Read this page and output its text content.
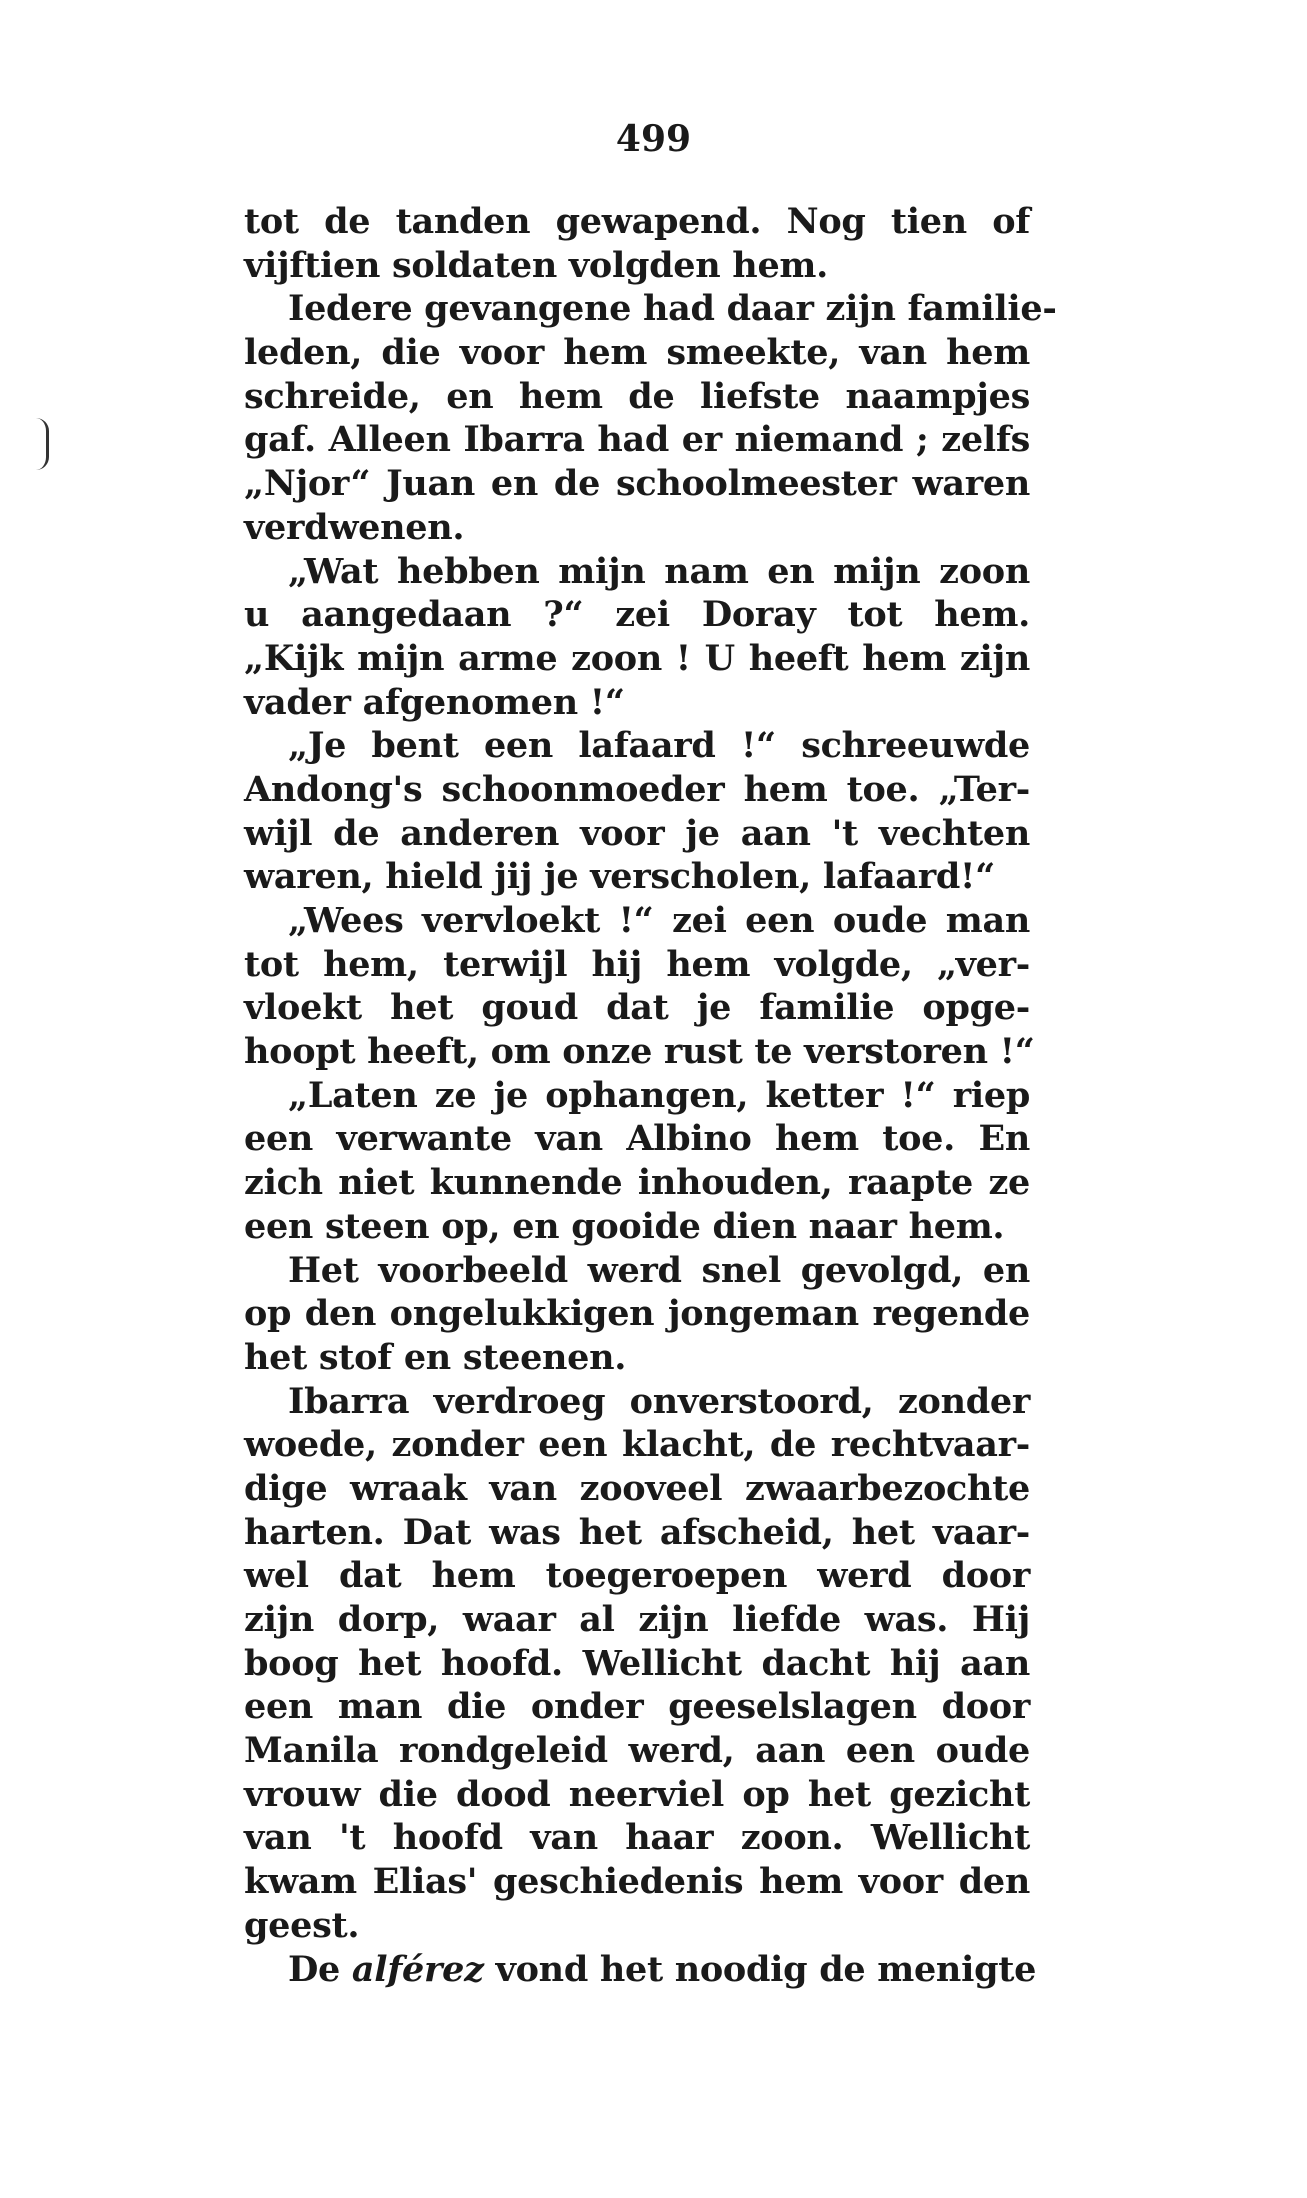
499
tot de tanden gewapend. Nog tien of
vijftien soldaten volgden hem.
Iedere gevangene had daar zijn familie-
leden, die voor hem smeekte, van hem
schreide, en hem de liefste naampjes
gaf. Alleen Ibarra had er niemand ; zelfs
„Njor“ Juan en de schoolmeester waren
verdwenen.
„Wat hebben mijn nam en mijn zoon
u aangedaan ?“ zei Doray tot hem.
„Kijk mijn arme zoon ! U heeft hem zijn
vader afgenomen !“
„Je bent een lafaard !“ schreeuwde
Andong's schoonmoeder hem toe. „Ter-
wijl de anderen voor je aan 't vechten
waren, hield jij je verscholen, lafaard!“
„Wees vervloekt !“ zei een oude man
tot hem, terwijl hij hem volgde, „ver-
vloekt het goud dat je familie opge-
hoopt heeft, om onze rust te verstoren !“
„Laten ze je ophangen, ketter !“ riep
een verwante van Albino hem toe. En
zich niet kunnende inhouden, raapte ze
een steen op, en gooide dien naar hem.
Het voorbeeld werd snel gevolgd, en
op den ongelukkigen jongeman regende
het stof en steenen.
Ibarra verdroeg onverstoord, zonder
woede, zonder een klacht, de rechtvaar-
dige wraak van zooveel zwaarbezochte
harten. Dat was het afscheid, het vaar-
wel dat hem toegeroepen werd door
zijn dorp, waar al zijn liefde was. Hij
boog het hoofd. Wellicht dacht hij aan
een man die onder geeselslagen door
Manila rondgeleid werd, aan een oude
vrouw die dood neerviel op het gezicht
van 't hoofd van haar zoon. Wellicht
kwam Elias' geschiedenis hem voor den
geest.
De alférez vond het noodig de menigte
